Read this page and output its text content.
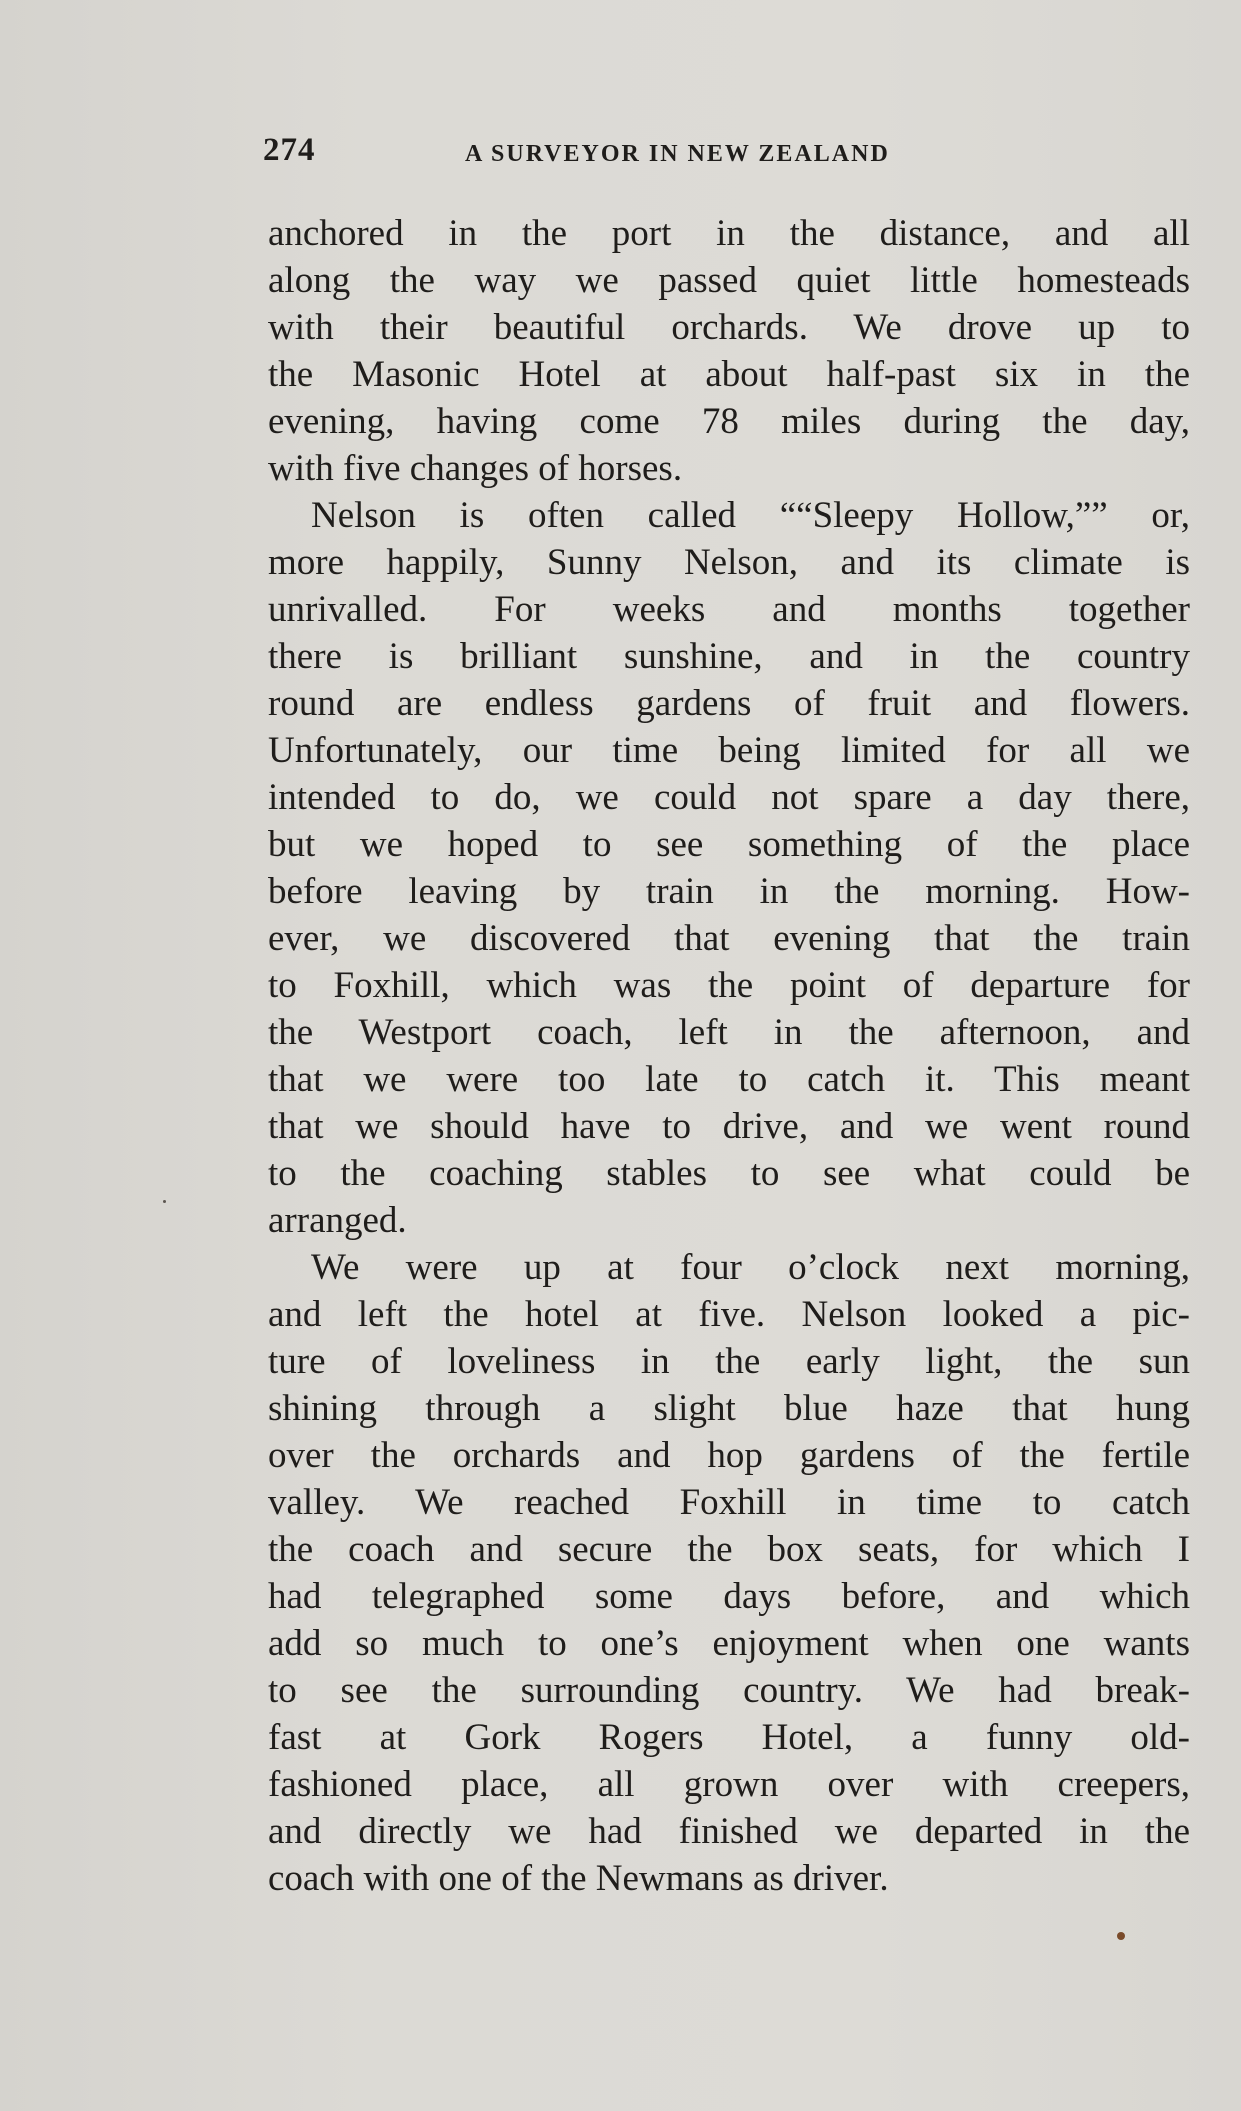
274	A SURVEYOR IN NEW ZEALAND
anchored in the port in the distance, and all
along the way we passed quiet little homesteads
with their beautiful orchards. We drove up to
the Masonic Hotel at about half-past six in the
evening, having come 78 miles during the day,
with five changes of horses.
Nelson is often called ““Sleepy Hollow,”” or,
more happily, Sunny Nelson, and its climate is
unrivalled. For weeks and months together
there is brilliant sunshine, and in the country
round are endless gardens of fruit and flowers.
Unfortunately, our time being limited for all we
intended to do, we could not spare a day there,
but we hoped to see something of the place
before leaving by train in the morning. How-
ever, we discovered that evening that the train
to Foxhill, which was the point of departure for
the Westport coach, left in the afternoon, and
that we were too late to catch it. This meant
that we should have to drive, and we went round
to the coaching stables to see what could be
arranged.
We were up at four o’clock next morning,
and left the hotel at five. Nelson looked a pic-
ture of loveliness in the early light, the sun
shining through a slight blue haze that hung
over the orchards and hop gardens of the fertile
valley. We reached Foxhill in time to catch
the coach and secure the box seats, for which I
had telegraphed some days before, and which
add so much to one’s enjoyment when one wants
to see the surrounding country. We had break-
fast at Gork Rogers Hotel, a funny old-
fashioned place, all grown over with creepers,
and directly we had finished we departed in the
coach with one of the Newmans as driver.
